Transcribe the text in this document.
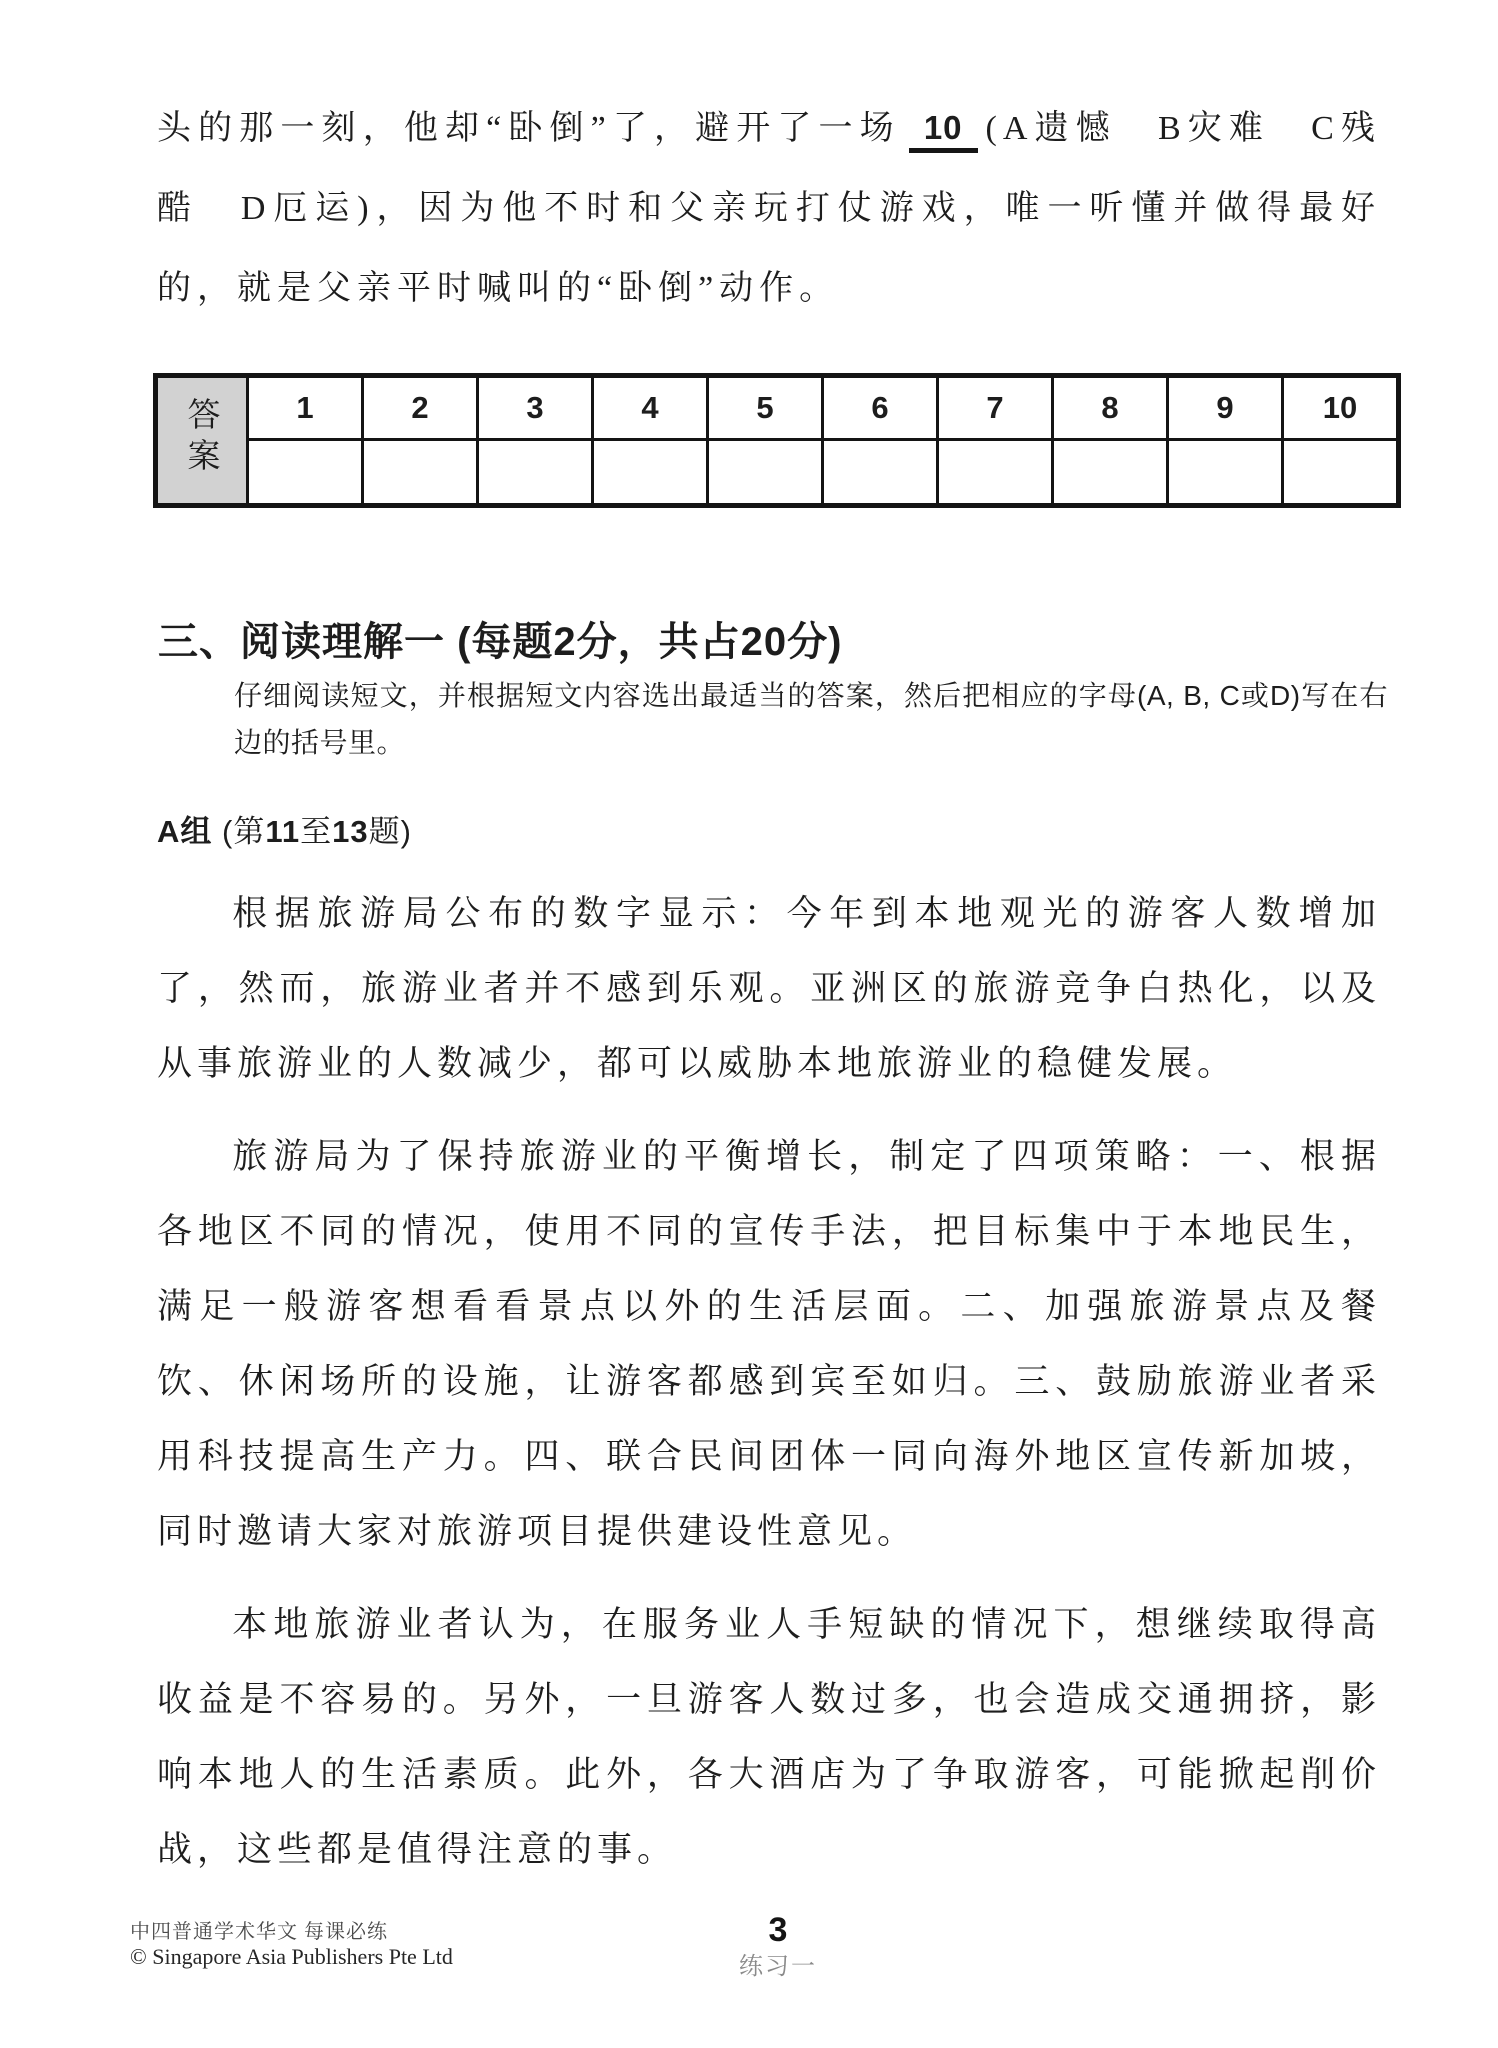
头的那一刻，他却“卧倒”了，避开了一场 10 (A遗憾　B灾难　C残酷　D厄运)，因为他不时和父亲玩打仗游戏，唯一听懂并做得最好的，就是父亲平时喊叫的“卧倒”动作。

答案	1	2	3	4	5	6	7	8	9	10

三、阅读理解一 (每题2分，共占20分)

仔细阅读短文，并根据短文内容选出最适当的答案，然后把相应的字母(A, B, C或D)写在右边的括号里。

A组 (第11至13题)

根据旅游局公布的数字显示：今年到本地观光的游客人数增加了，然而，旅游业者并不感到乐观。亚洲区的旅游竞争白热化，以及从事旅游业的人数减少，都可以威胁本地旅游业的稳健发展。

旅游局为了保持旅游业的平衡增长，制定了四项策略：一、根据各地区不同的情况，使用不同的宣传手法，把目标集中于本地民生，满足一般游客想看看景点以外的生活层面。二、加强旅游景点及餐饮、休闲场所的设施，让游客都感到宾至如归。三、鼓励旅游业者采用科技提高生产力。四、联合民间团体一同向海外地区宣传新加坡，同时邀请大家对旅游项目提供建设性意见。

本地旅游业者认为，在服务业人手短缺的情况下，想继续取得高收益是不容易的。另外，一旦游客人数过多，也会造成交通拥挤，影响本地人的生活素质。此外，各大酒店为了争取游客，可能掀起削价战，这些都是值得注意的事。

中四普通学术华文 每课必练
© Singapore Asia Publishers Pte Ltd
3
练习一
